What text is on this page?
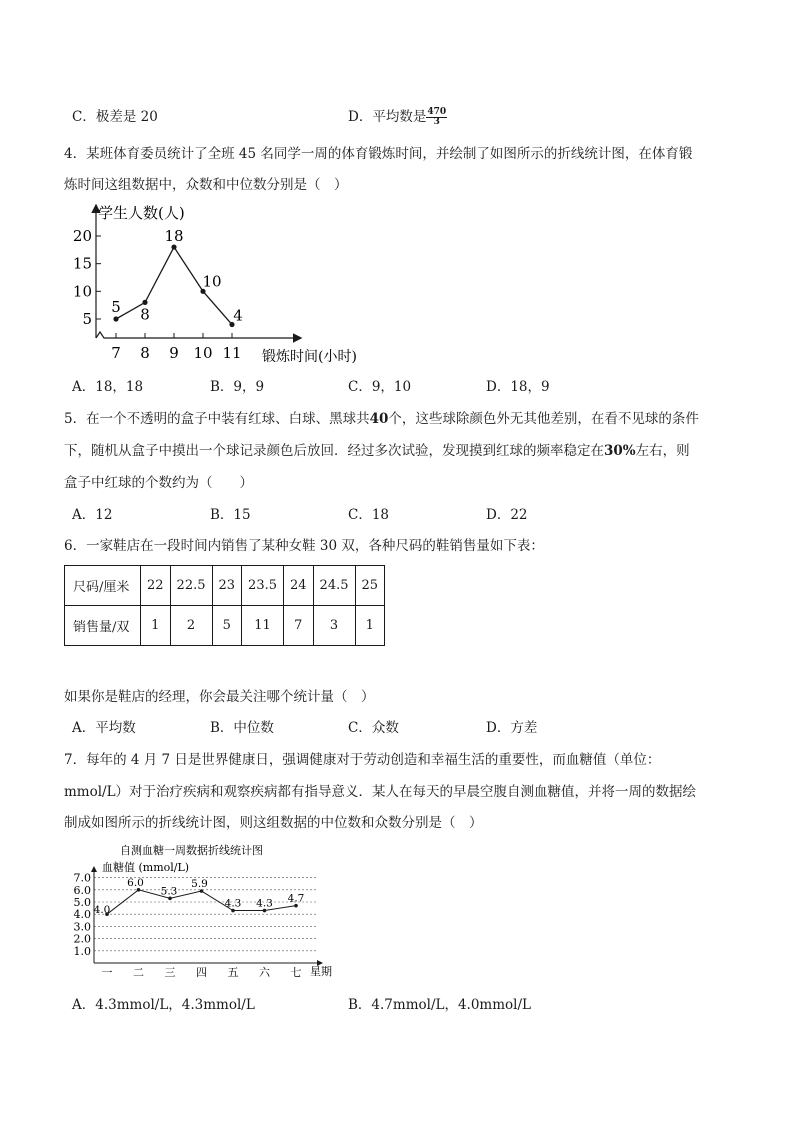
C．极差是 20	D．平均数是 $\frac{470}{3}$
4．某班体育委员统计了全班 45 名同学一周的体育锻炼时间，并绘制了如图所示的折线统计图，在体育锻
炼时间这组数据中，众数和中位数分别是（　）
5
10
15
20
7 8 9 10 11
5 8
18
10
4
学生人数(人)
锻炼时间(小时)
A．18，18	B．9，9	C．9，10	D．18，9
5．在一个不透明的盒子中装有红球、白球、黑球共40个，这些球除颜色外无其他差别，在看不见球的条件
下，随机从盒子中摸出一个球记录颜色后放回．经过多次试验，发现摸到红球的频率稳定在30%左右，则
盒子中红球的个数约为（　　）
A．12	B．15	C．18	D．22
6．一家鞋店在一段时间内销售了某种女鞋 30 双，各种尺码的鞋销售量如下表：
尺码/厘米	22	22.5	23	23.5	24	24.5	25
销售量/双	1	2	5	11	7	3	1
如果你是鞋店的经理，你会最关注哪个统计量（　）
A．平均数	B．中位数	C．众数	D．方差
7．每年的 4 月 7 日是世界健康日，强调健康对于劳动创造和幸福生活的重要性，而血糖值（单位：
mmol/L）对于治疗疾病和观察疾病都有指导意义．某人在每天的早晨空腹自测血糖值，并将一周的数据绘
制成如图所示的折线统计图，则这组数据的中位数和众数分别是（　）
自测血糖一周数据折线统计图
血糖值 (mmol/L)
1.0
2.0
3.0
4.0
5.0
6.0
7.0
一 二 三 四 五 六 七
4.0
6.0
5.3
5.9
4.3 4.3 4.7
星期
A．4.3mmol/L，4.3mmol/L	B．4.7mmol/L，4.0mmol/L
